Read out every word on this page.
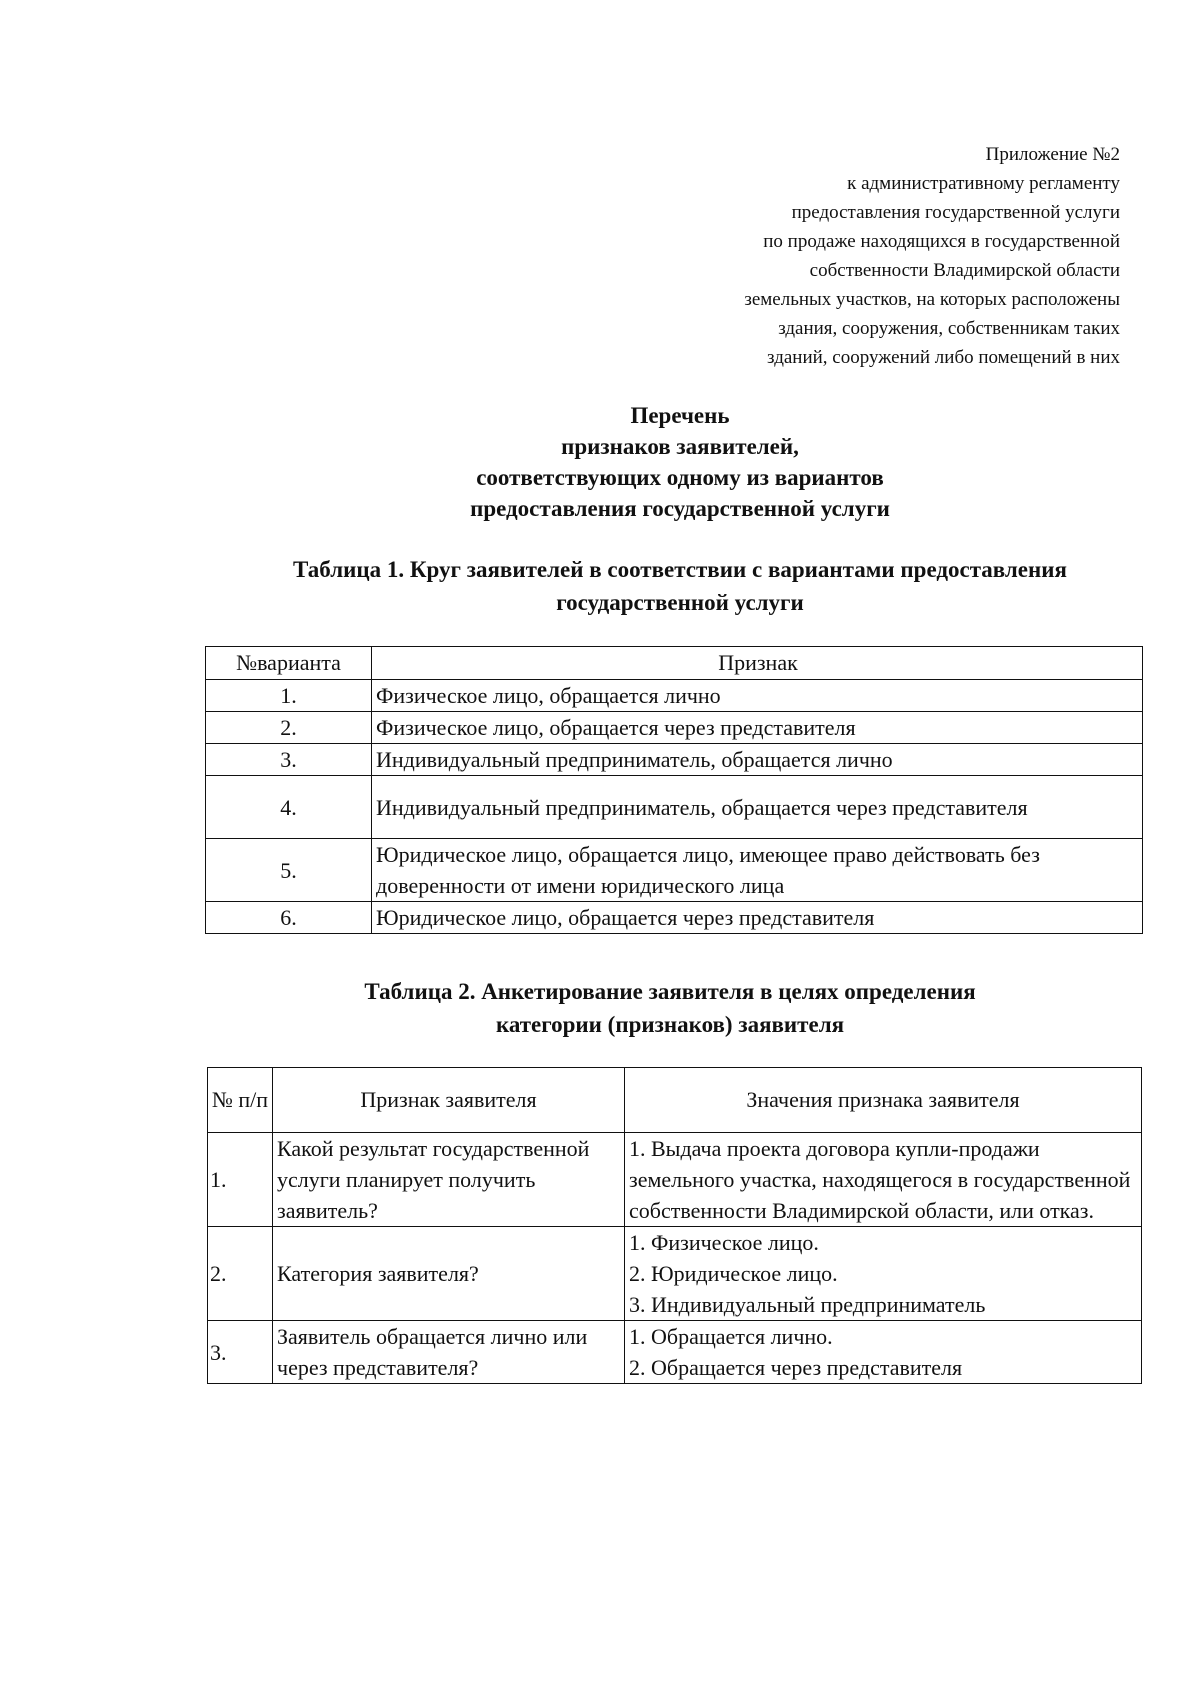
Приложение №2
к административному регламенту
предоставления государственной услуги
по продаже находящихся в государственной
собственности Владимирской области
земельных участков, на которых расположены
здания, сооружения, собственникам таких
зданий, сооружений либо помещений в них
Перечень
признаков заявителей,
соответствующих одному из вариантов
предоставления государственной услуги
Таблица 1. Круг заявителей в соответствии с вариантами предоставления
государственной услуги
№варианта	Признак
1.	Физическое лицо, обращается лично
2.	Физическое лицо, обращается через представителя
3.	Индивидуальный предприниматель, обращается лично
4.	Индивидуальный предприниматель, обращается через представителя
5.	Юридическое лицо, обращается лицо, имеющее право действовать без доверенности от имени юридического лица
6.	Юридическое лицо, обращается через представителя
Таблица 2. Анкетирование заявителя в целях определения
категории (признаков) заявителя
№ п/п	Признак заявителя	Значения признака заявителя
1.	Какой результат государственной услуги планирует получить заявитель?	1. Выдача проекта договора купли-продажи земельного участка, находящегося в государственной собственности Владимирской области, или отказ.
2.	Категория заявителя?	1. Физическое лицо.
2. Юридическое лицо.
3. Индивидуальный предприниматель

3.	Заявитель обращается лично или через представителя?	1. Обращается лично.
2. Обращается через представителя
